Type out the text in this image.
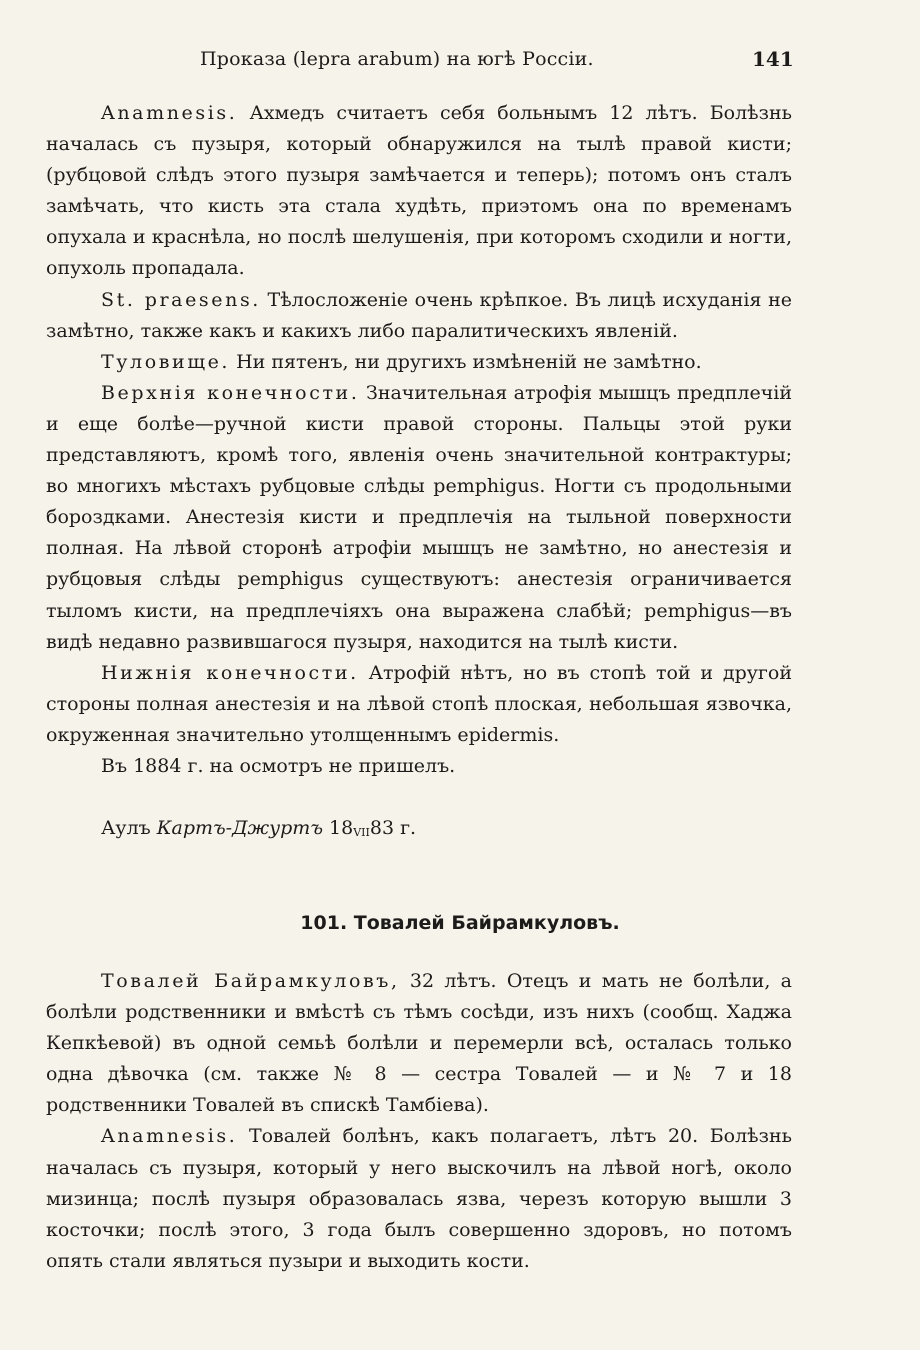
Проказа (lepra arabum) на югѣ Россіи.	141

Anamnesis. Ахмедъ считаетъ себя больнымъ 12 лѣтъ. Болѣзнь началась съ пузыря, который обнаружился на тылѣ правой кисти; (рубцовой слѣдъ этого пузыря замѣчается и теперь); потомъ онъ сталъ замѣчать, что кисть эта стала худѣть, приэтомъ она по временамъ опухала и краснѣла, но послѣ шелушенія, при которомъ сходили и ногти, опухоль пропадала.

St. praesens. Тѣлосложеніе очень крѣпкое. Въ лицѣ исхуданія не замѣтно, также какъ и какихъ либо паралитическихъ явленій.

Туловище. Ни пятенъ, ни другихъ измѣненій не замѣтно.

Верхнія конечности. Значительная атрофія мышцъ предплечій и еще болѣе—ручной кисти правой стороны. Пальцы этой руки представляютъ, кромѣ того, явленія очень значительной контрактуры; во многихъ мѣстахъ рубцовые слѣды pemphigus. Ногти съ продольными бороздками. Анестезія кисти и предплечія на тыльной поверхности полная. На лѣвой сторонѣ атрофіи мышцъ не замѣтно, но анестезія и рубцовыя слѣды pemphigus существуютъ: анестезія ограничивается тыломъ кисти, на предплечіяхъ она выражена слабѣй; pemphigus—въ видѣ недавно развившагося пузыря, находится на тылѣ кисти.

Нижнія конечности. Атрофій нѣтъ, но въ стопѣ той и другой стороны полная анестезія и на лѣвой стопѣ плоская, небольшая язвочка, окруженная значительно утолщеннымъ epidermis.

Въ 1884 г. на осмотръ не пришелъ.

Аулъ Картъ-Джуртъ 18VII83 г.
101. Товалей Байрамкуловъ.

Товалей Байрамкуловъ, 32 лѣтъ. Отецъ и мать не болѣли, а болѣли родственники и вмѣстѣ съ тѣмъ сосѣди, изъ нихъ (сообщ. Хаджа Кепкѣевой) въ одной семьѣ болѣли и перемерли всѣ, осталась только одна дѣвочка (см. также № 8 — сестра Товалей — и № 7 и 18 родственники Товалей въ спискѣ Тамбіева).

Anamnesis. Товалей болѣнъ, какъ полагаетъ, лѣтъ 20. Болѣзнь началась съ пузыря, который у него выскочилъ на лѣвой ногѣ, около мизинца; послѣ пузыря образовалась язва, черезъ которую вышли 3 косточки; послѣ этого, 3 года былъ совершенно здоровъ, но потомъ опять стали являться пузыри и выходить кости.
